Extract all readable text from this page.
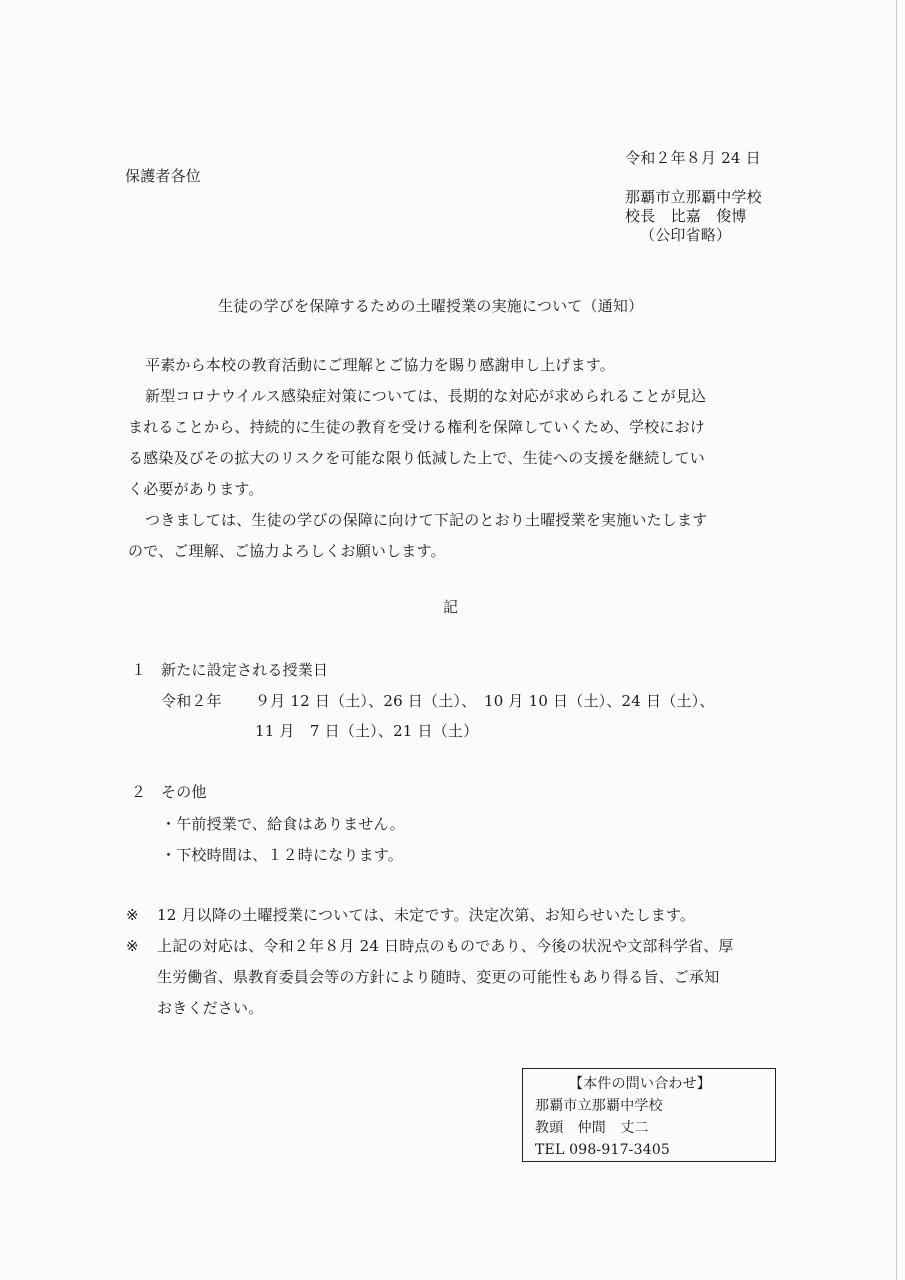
令和２年８月 24 日
保護者各位
那覇市立那覇中学校
校長　比嘉　俊博
（公印省略）
生徒の学びを保障するための土曜授業の実施について（通知）
平素から本校の教育活動にご理解とご協力を賜り感謝申し上げます。
新型コロナウイルス感染症対策については、長期的な対応が求められることが見込
まれることから、持続的に生徒の教育を受ける権利を保障していくため、学校におけ
る感染及びその拡大のリスクを可能な限り低減した上で、生徒への支援を継続してい
く必要があります。
つきましては、生徒の学びの保障に向けて下記のとおり土曜授業を実施いたします
ので、ご理解、ご協力よろしくお願いします。
記
１ 新たに設定される授業日
令和２年 ９月 12 日（土）、26 日（土）、　10 月 10 日（土）、24 日（土）、
11 月　7 日（土）、21 日（土）
２ その他
・午前授業で、給食はありません。
・下校時間は、１２時になります。
※ 12 月以降の土曜授業については、未定です。決定次第、お知らせいたします。
※ 上記の対応は、令和２年８月 24 日時点のものであり、今後の状況や文部科学省、厚
生労働省、県教育委員会等の方針により随時、変更の可能性もあり得る旨、ご承知
おきください。
【本件の問い合わせ】
那覇市立那覇中学校
教頭　仲間　丈二
TEL 098-917-3405
